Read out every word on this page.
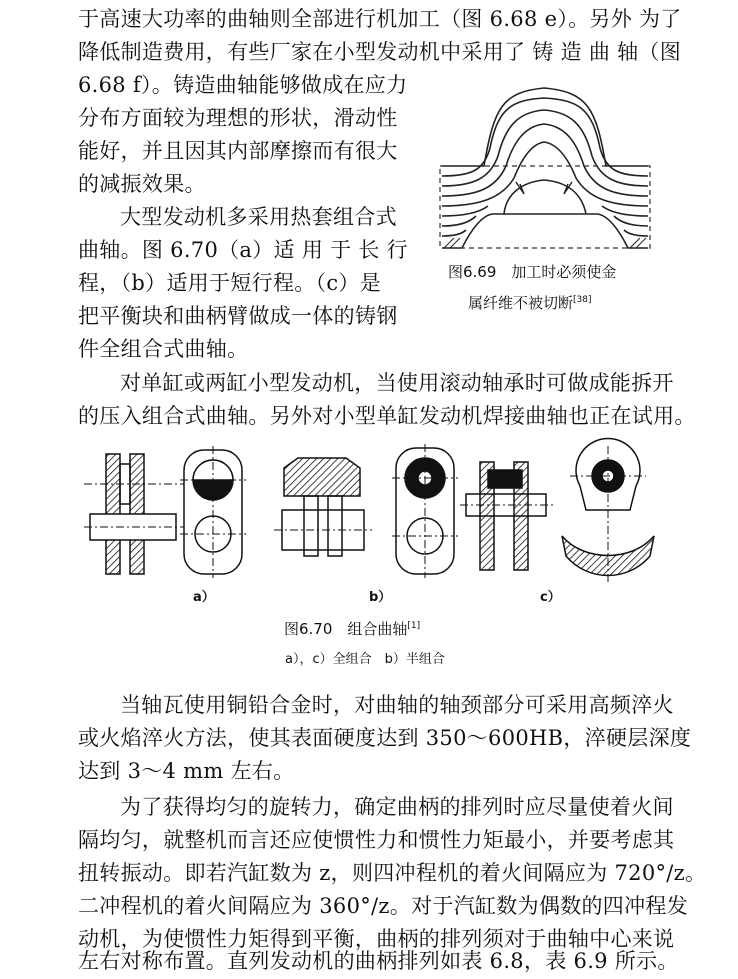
于高速大功率的曲轴则全部进行机加工（图 6.68 e）。另外 为了
降低制造费用，有些厂家在小型发动机中采用了 铸 造 曲 轴（图
6.68 f）。铸造曲轴能够做成在应力
分布方面较为理想的形状，滑动性
能好，并且因其内部摩擦而有很大
的减振效果。
大型发动机多采用热套组合式
曲轴。图 6.70（a）适 用 于 长 行
程，（b）适用于短行程。（c）是
把平衡块和曲柄臂做成一体的铸钢
件全组合式曲轴。
图6.69　加工时必须使金
属纤维不被切断[38]
对单缸或两缸小型发动机，当使用滚动轴承时可做成能拆开
的压入组合式曲轴。另外对小型单缸发动机焊接曲轴也正在试用。
a）	b）	c）
图6.70　组合曲轴[1]
a），c）全组合　b）半组合
当轴瓦使用铜铅合金时，对曲轴的轴颈部分可采用高频淬火
或火焰淬火方法，使其表面硬度达到 350～600HB，淬硬层深度
达到 3～4 mm 左右。
为了获得均匀的旋转力，确定曲柄的排列时应尽量使着火间
隔均匀，就整机而言还应使惯性力和惯性力矩最小，并要考虑其
扭转振动。即若汽缸数为 z，则四冲程机的着火间隔应为 720°/z。
二冲程机的着火间隔应为 360°/z。对于汽缸数为偶数的四冲程发
动机，为使惯性力矩得到平衡，曲柄的排列须对于曲轴中心来说
左右对称布置。直列发动机的曲柄排列如表 6.8，表 6.9 所示。
